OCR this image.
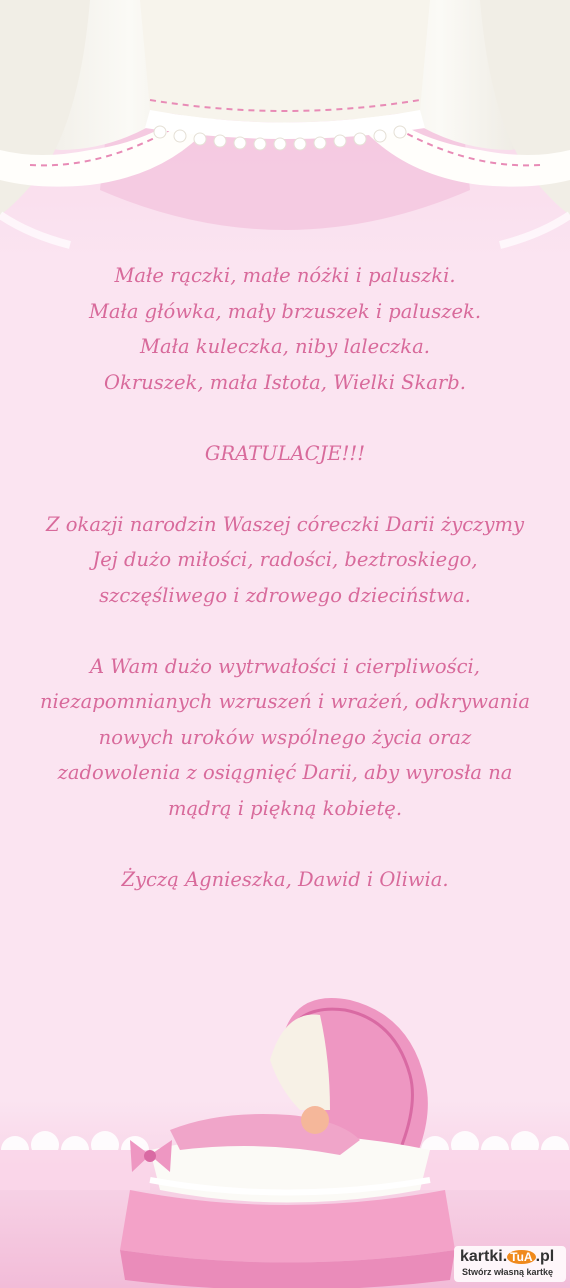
Małe rączki, małe nóżki i paluszki.
Mała główka, mały brzuszek i paluszek.
Mała kuleczka, niby laleczka.
Okruszek, mała Istota, Wielki Skarb.
GRATULACJE!!!
Z okazji narodzin Waszej córeczki Darii życzymy
Jej dużo miłości, radości, beztroskiego,
szczęśliwego i zdrowego dzieciństwa.
A Wam dużo wytrwałości i cierpliwości,
niezapomnianych wzruszeń i wrażeń, odkrywania
nowych uroków wspólnego życia oraz
zadowolenia z osiągnięć Darii, aby wyrosła na
mądrą i piękną kobietę.
Życzą Agnieszka, Dawid i Oliwia.
kartki. TuA .pl
Stwórz własną kartkę
